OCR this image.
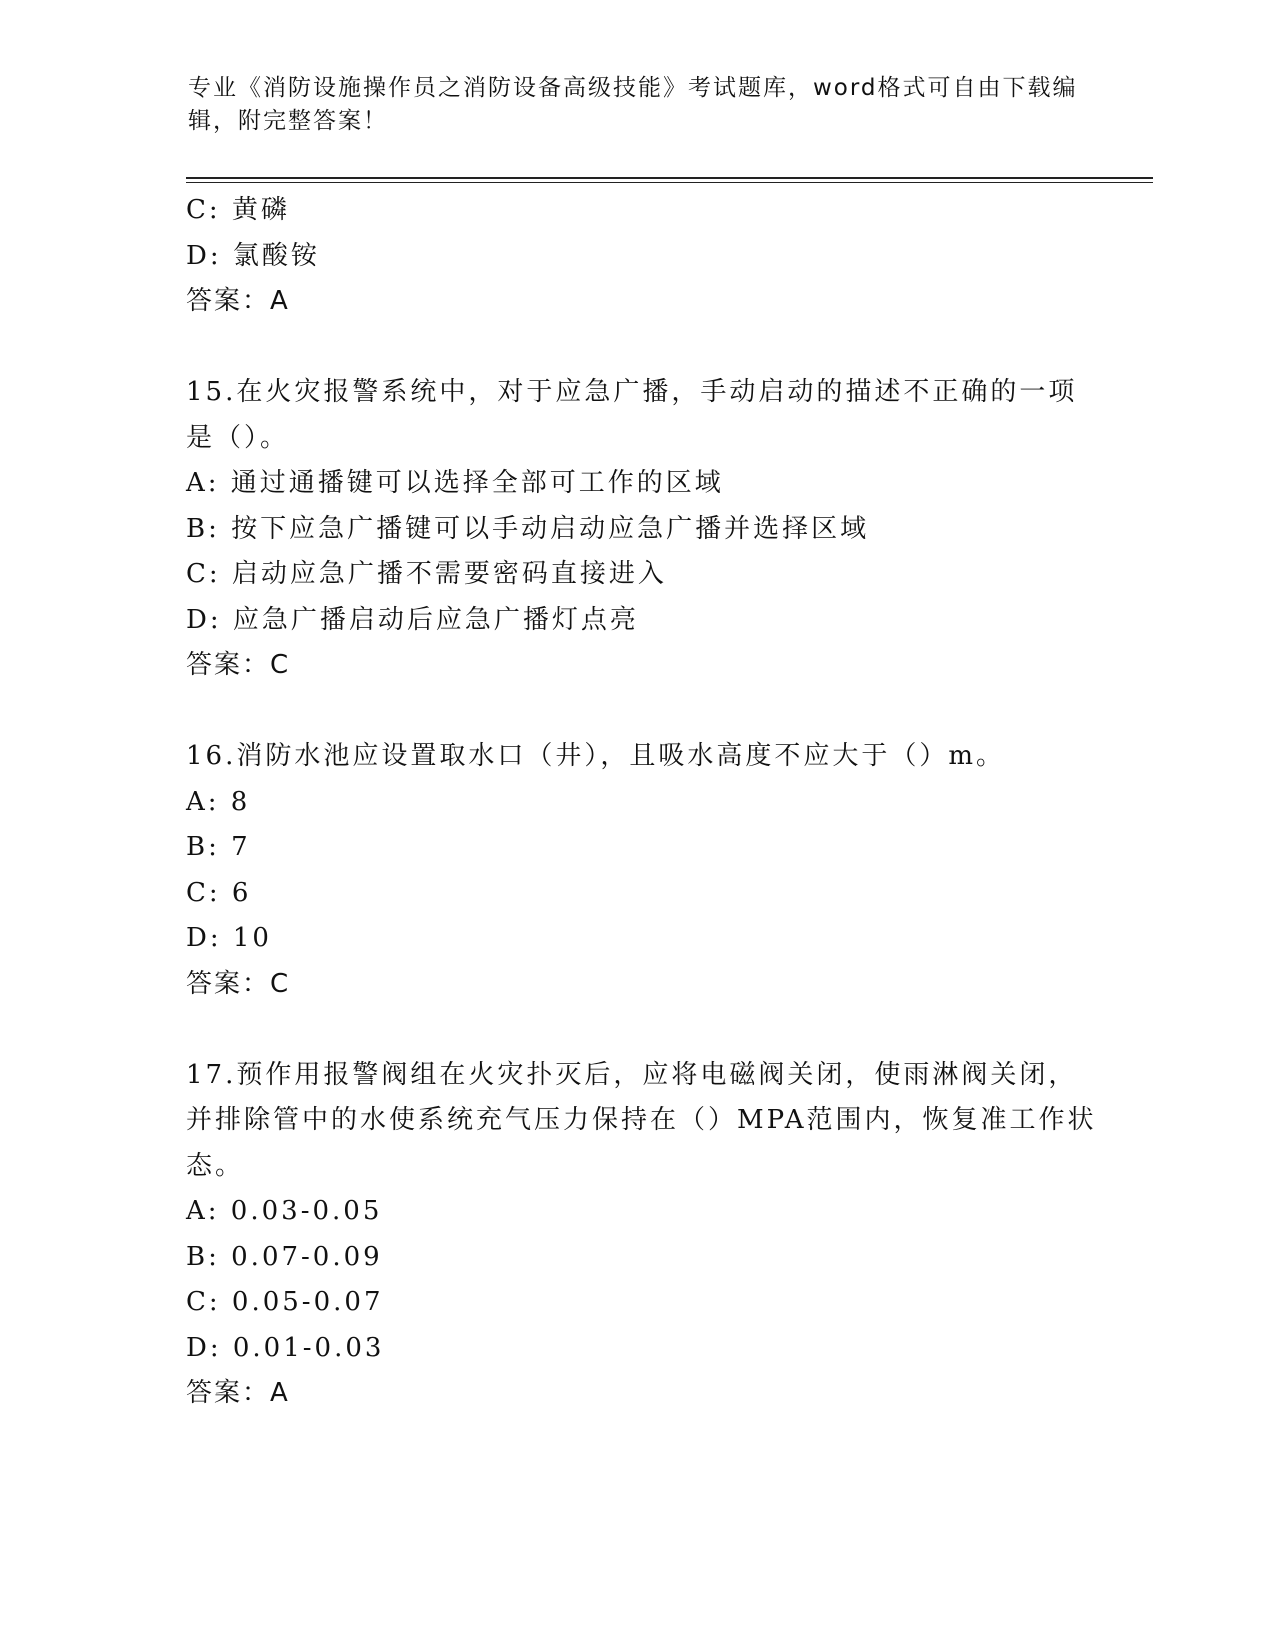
专业《消防设施操作员之消防设备高级技能》考试题库，word格式可自由下载编辑，附完整答案！
C: 黄磷
D: 氯酸铵
答案：A
15.在火灾报警系统中，对于应急广播，手动启动的描述不正确的一项
是（）。
A: 通过通播键可以选择全部可工作的区域
B: 按下应急广播键可以手动启动应急广播并选择区域
C: 启动应急广播不需要密码直接进入
D: 应急广播启动后应急广播灯点亮
答案：C
16.消防水池应设置取水口（井），且吸水高度不应大于（）m。
A: 8
B: 7
C: 6
D: 10
答案：C
17.预作用报警阀组在火灾扑灭后，应将电磁阀关闭，使雨淋阀关闭，
并排除管中的水使系统充气压力保持在（）MPA范围内，恢复准工作状
态。
A: 0.03-0.05
B: 0.07-0.09
C: 0.05-0.07
D: 0.01-0.03
答案：A
